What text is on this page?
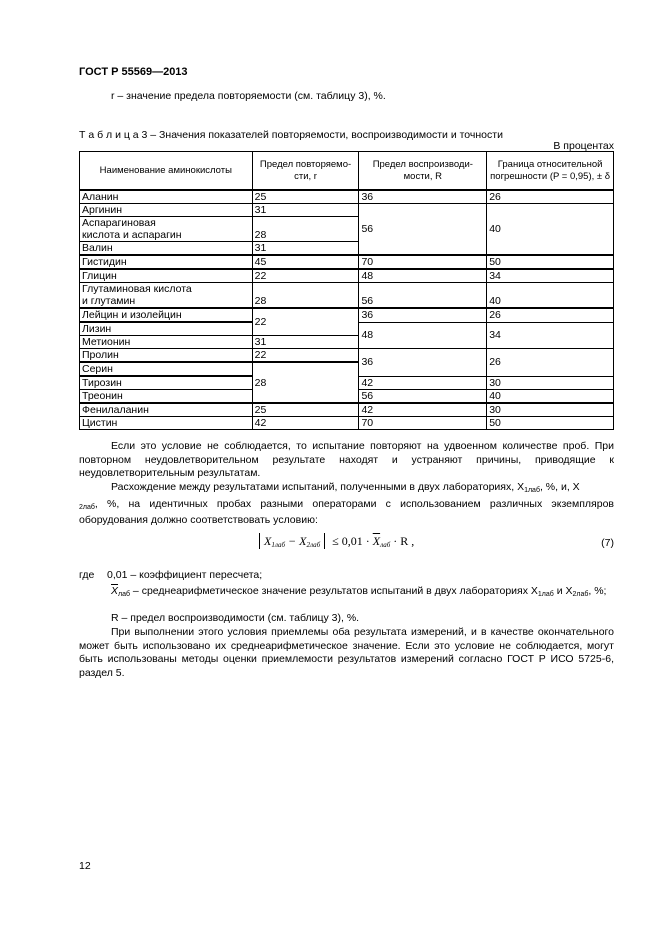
ГОСТ Р 55569—2013
r – значение предела повторяемости (см. таблицу 3), %.
Т а б л и ц а 3 – Значения показателей повторяемости, воспроизводимости и точности
В процентах
Наименование аминокислоты	Предел повторяемо-сти, r	Предел воспроизводи-мости, R	Граница относительной погрешности (P = 0,95), ± δ
Аланин	25	36	26
Аргинин	31	56	40
Аспарагиновая			
кислота и аспарагин	28		
Валин	31		
Гистидин	45	70	50
Глицин	22	48	34
Глутаминовая кислота	28	56	40
и глутамин			
Лейцин и изолейцин	22	36	26
Лизин		48	34
Метионин	31		
Пролин	22	36	26
Серин	28		
Тирозин		42	30
Треонин		56	40
Фенилаланин	25	42	30
Цистин	42	70	50
Если это условие не соблюдается, то испытание повторяют на удвоенном количестве проб. При повторном неудовлетворительном результате находят и устраняют причины, приводящие к неудовлетворительным результатам.
Расхождение между результатами испытаний, полученными в двух лабораториях, $X_{1лаб}$, %, и, X
$_{2лаб}$, %, на идентичных пробах разными операторами с использованием различных экземпляров оборудования должно соответствовать условию:
$X_{1лаб} - X_{2лаб} \le 0,01 \cdot \overline{X}_{лаб} \cdot R$ ,	(7)
где 0,01 – коэффициент пересчета;
$\overline{X}_{лаб}$ – среднеарифметическое значение результатов испытаний в двух лабораториях $X_{1лаб}$ и $X_{2лаб}$, %;
R – предел воспроизводимости (см. таблицу 3), %.
При выполнении этого условия приемлемы оба результата измерений, и в качестве окончательного может быть использовано их среднеарифметическое значение. Если это условие не соблюдается, могут быть использованы методы оценки приемлемости результатов измерений согласно ГОСТ Р ИСО 5725-6, раздел 5.
12
